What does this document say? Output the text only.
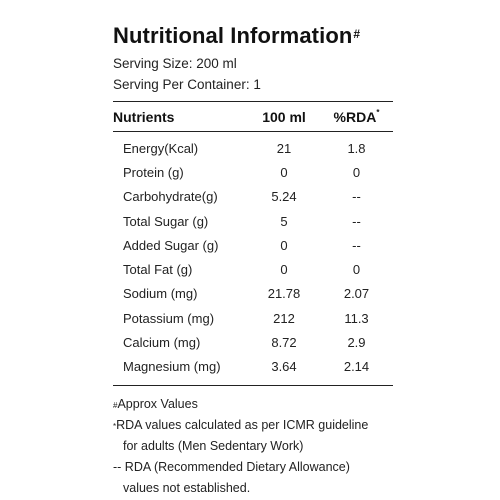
Nutritional Information#
Serving Size: 200 ml
Serving Per Container: 1
Nutrients	100 ml	%RDA*
Energy(Kcal)	21	1.8
Protein (g)	0	0
Carbohydrate(g)	5.24	--
Total Sugar (g)	5	--
Added Sugar (g)	0	--
Total Fat (g)	0	0
Sodium (mg)	21.78	2.07
Potassium (mg)	212	11.3
Calcium (mg)	8.72	2.9
Magnesium (mg)	3.64	2.14
#Approx Values
*RDA values calculated as per ICMR guideline
for adults (Men Sedentary Work)
-- RDA (Recommended Dietary Allowance)
values not established.
